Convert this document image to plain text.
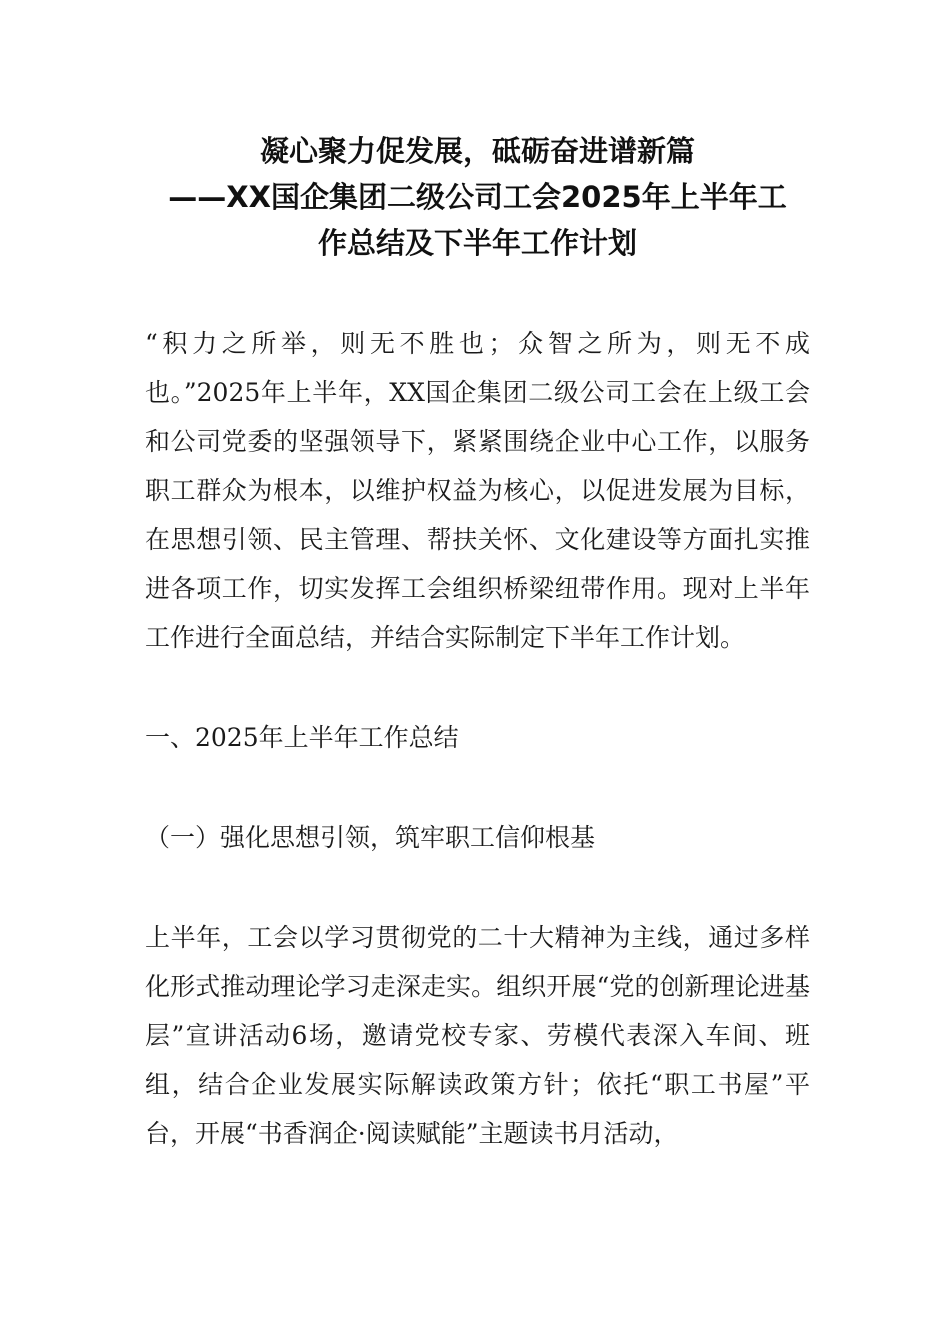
凝心聚力促发展，砥砺奋进谱新篇
——XX国企集团二级公司工会2025年上半年工
作总结及下半年工作计划

“积力之所举，则无不胜也；众智之所为，则无不成也。”2025年上半年，XX国企集团二级公司工会在上级工会和公司党委的坚强领导下，紧紧围绕企业中心工作，以服务职工群众为根本，以维护权益为核心，以促进发展为目标，在思想引领、民主管理、帮扶关怀、文化建设等方面扎实推进各项工作，切实发挥工会组织桥梁纽带作用。现对上半年工作进行全面总结，并结合实际制定下半年工作计划。

一、2025年上半年工作总结

（一）强化思想引领，筑牢职工信仰根基

上半年，工会以学习贯彻党的二十大精神为主线，通过多样化形式推动理论学习走深走实。组织开展“党的创新理论进基层”宣讲活动6场，邀请党校专家、劳模代表深入车间、班组，结合企业发展实际解读政策方针；依托“职工书屋”平台，开展“书香润企·阅读赋能”主题读书月活动，
